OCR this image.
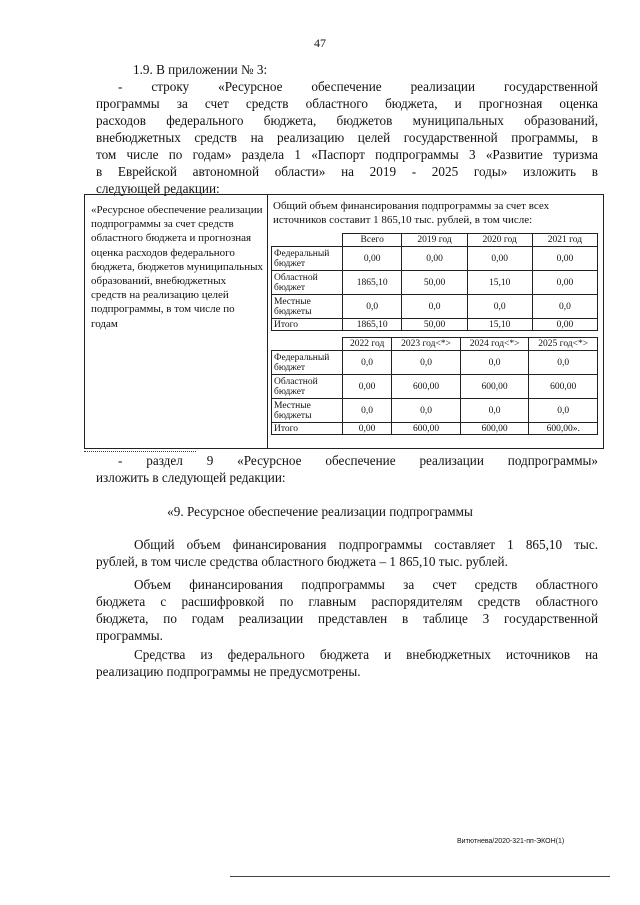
47

1.9. В приложении № 3:

- строку «Ресурсное обеспечение реализации государственной
программы за счет средств областного бюджета, и прогнозная оценка
расходов федерального бюджета, бюджетов муниципальных образований,
внебюджетных средств на реализацию целей государственной программы, в
том числе по годам» раздела 1 «Паспорт подпрограммы 3 «Развитие туризма
в Еврейской автономной области» на 2019 - 2025 годы» изложить в
следующей редакции:
«Ресурсное обеспечение реализации подпрограммы за счет средств областного бюджета и прогнозная оценка расходов федерального бюджета, бюджетов муниципальных образований, внебюджетных средств на реализацию целей подпрограммы, в том числе по годам
Общий объем финансирования подпрограммы за счет всех источников составит 1 865,10 тыс. рублей, в том числе:
	Всего	2019 год	2020 год	2021 год
Федеральный бюджет	0,00	0,00	0,00	0,00
Областной бюджет	1865,10	50,00	15,10	0,00
Местные бюджеты	0,0	0,0	0,0	0,0
Итого	1865,10	50,00	15,10	0,00
	2022 год	2023 год<*>	2024 год<*>	2025 год<*>
Федеральный бюджет	0,0	0,0	0,0	0,0
Областной бюджет	0,00	600,00	600,00	600,00
Местные бюджеты	0,0	0,0	0,0	0,0
Итого	0,00	600,00	600,00	600,00».
- раздел 9 «Ресурсное обеспечение реализации подпрограммы»
изложить в следующей редакции:
«9. Ресурсное обеспечение реализации подпрограммы
Общий объем финансирования подпрограммы составляет 1 865,10 тыс.
рублей, в том числе средства областного бюджета – 1 865,10 тыс. рублей.
Объем финансирования подпрограммы за счет средств областного
бюджета с расшифровкой по главным распорядителям средств областного
бюджета, по годам реализации представлен в таблице 3 государственной
программы.
Средства из федерального бюджета и внебюджетных источников на
реализацию подпрограммы не предусмотрены.
Витютнева/2020-321-пп-ЭКОН(1)
